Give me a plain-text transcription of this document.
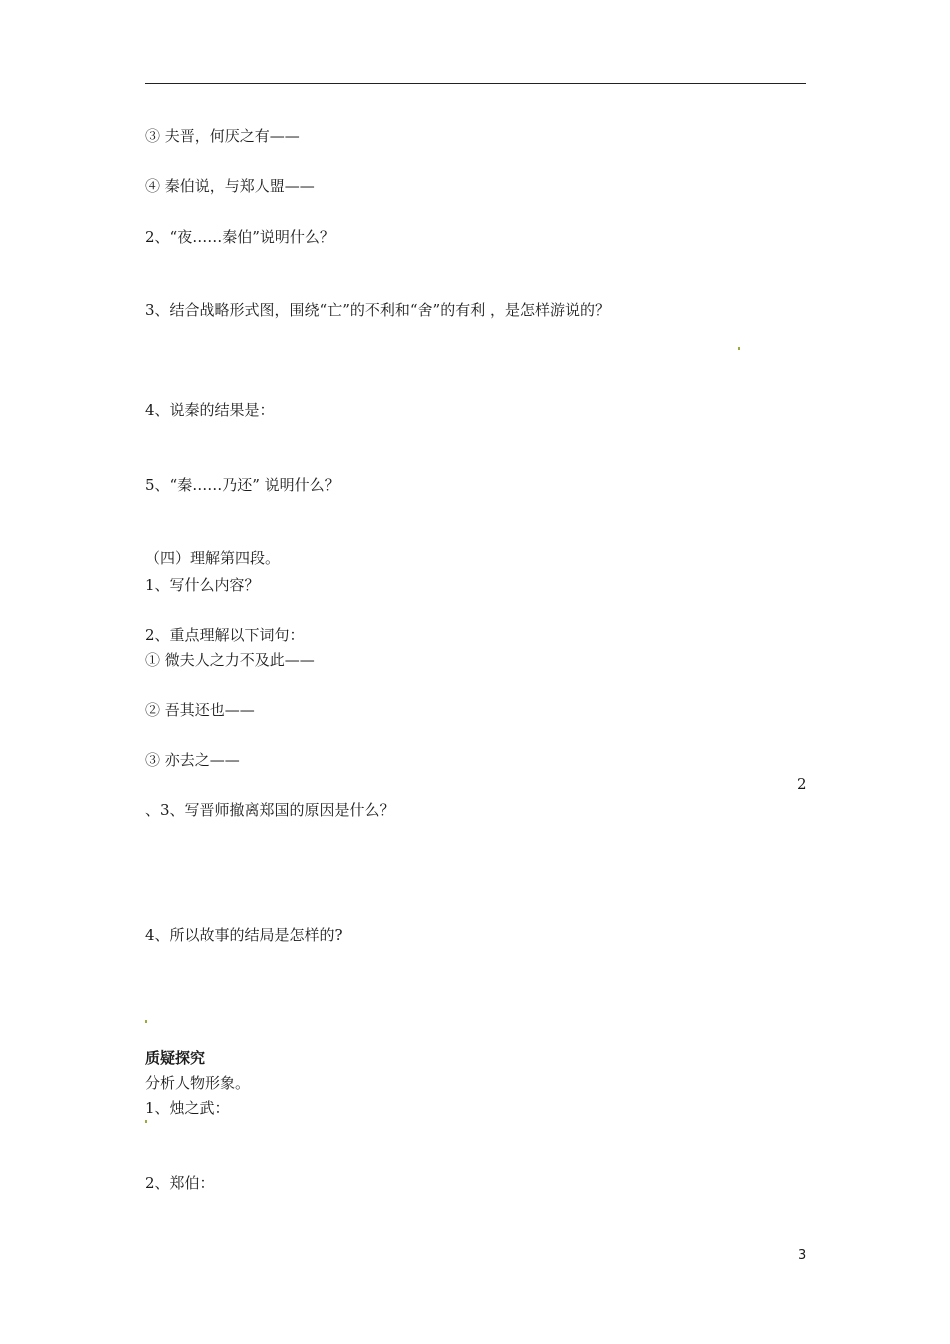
③ 夫晋，何厌之有——
④ 秦伯说，与郑人盟——
2、“夜……秦伯”说明什么？
3、结合战略形式图，围绕“亡”的不利和“舍”的有利 ，是怎样游说的？
4、说秦的结果是：
5、“秦……乃还” 说明什么？
（四）理解第四段。
1、写什么内容？
2、重点理解以下词句：
① 微夫人之力不及此——
② 吾其还也——
③ 亦去之——
2
、3、写晋师撤离郑国的原因是什么？
4、所以故事的结局是怎样的?
质疑探究
分析人物形象。
1、烛之武：
2、郑伯：
3
